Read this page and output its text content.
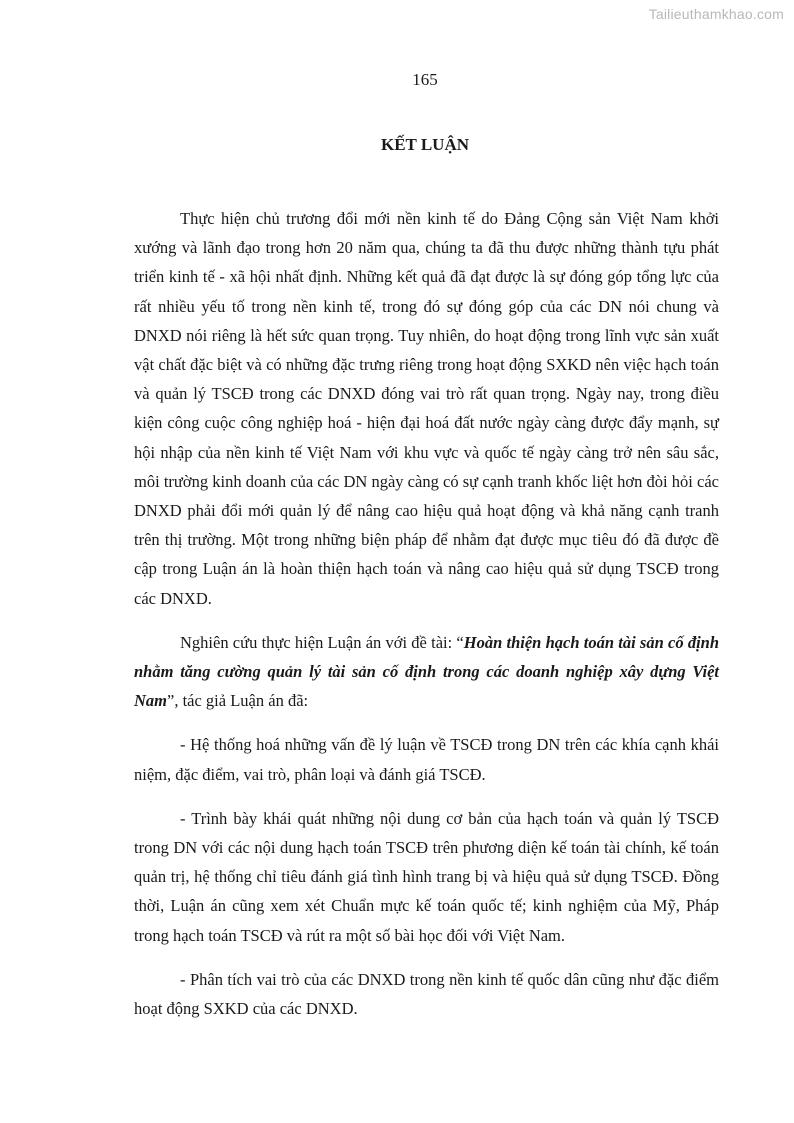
Tailieuthamkhao.com
165
KẾT LUẬN

Thực hiện chủ trương đổi mới nền kinh tế do Đảng Cộng sản Việt Nam khởi xướng và lãnh đạo trong hơn 20 năm qua, chúng ta đã thu được những thành tựu phát triển kinh tế - xã hội nhất định. Những kết quả đã đạt được là sự đóng góp tổng lực của rất nhiều yếu tố trong nền kinh tế, trong đó sự đóng góp của các DN nói chung và DNXD nói riêng là hết sức quan trọng. Tuy nhiên, do hoạt động trong lĩnh vực sản xuất vật chất đặc biệt và có những đặc trưng riêng trong hoạt động SXKD nên việc hạch toán và quản lý TSCĐ trong các DNXD đóng vai trò rất quan trọng. Ngày nay, trong điều kiện công cuộc công nghiệp hoá - hiện đại hoá đất nước ngày càng được đẩy mạnh, sự hội nhập của nền kinh tế Việt Nam với khu vực và quốc tế ngày càng trở nên sâu sắc, môi trường kinh doanh của các DN ngày càng có sự cạnh tranh khốc liệt hơn đòi hỏi các DNXD phải đổi mới quản lý để nâng cao hiệu quả hoạt động và khả năng cạnh tranh trên thị trường. Một trong những biện pháp để nhằm đạt được mục tiêu đó đã được đề cập trong Luận án là hoàn thiện hạch toán và nâng cao hiệu quả sử dụng TSCĐ trong các DNXD.

Nghiên cứu thực hiện Luận án với đề tài: “Hoàn thiện hạch toán tài sản cố định nhằm tăng cường quản lý tài sản cố định trong các doanh nghiệp xây dựng Việt Nam”, tác giả Luận án đã:

- Hệ thống hoá những vấn đề lý luận về TSCĐ trong DN trên các khía cạnh khái niệm, đặc điểm, vai trò, phân loại và đánh giá TSCĐ.

- Trình bày khái quát những nội dung cơ bản của hạch toán và quản lý TSCĐ trong DN với các nội dung hạch toán TSCĐ trên phương diện kế toán tài chính, kế toán quản trị, hệ thống chỉ tiêu đánh giá tình hình trang bị và hiệu quả sử dụng TSCĐ. Đồng thời, Luận án cũng xem xét Chuẩn mực kế toán quốc tế; kinh nghiệm của Mỹ, Pháp trong hạch toán TSCĐ và rút ra một số bài học đối với Việt Nam.

- Phân tích vai trò của các DNXD trong nền kinh tế quốc dân cũng như đặc điểm hoạt động SXKD của các DNXD.
